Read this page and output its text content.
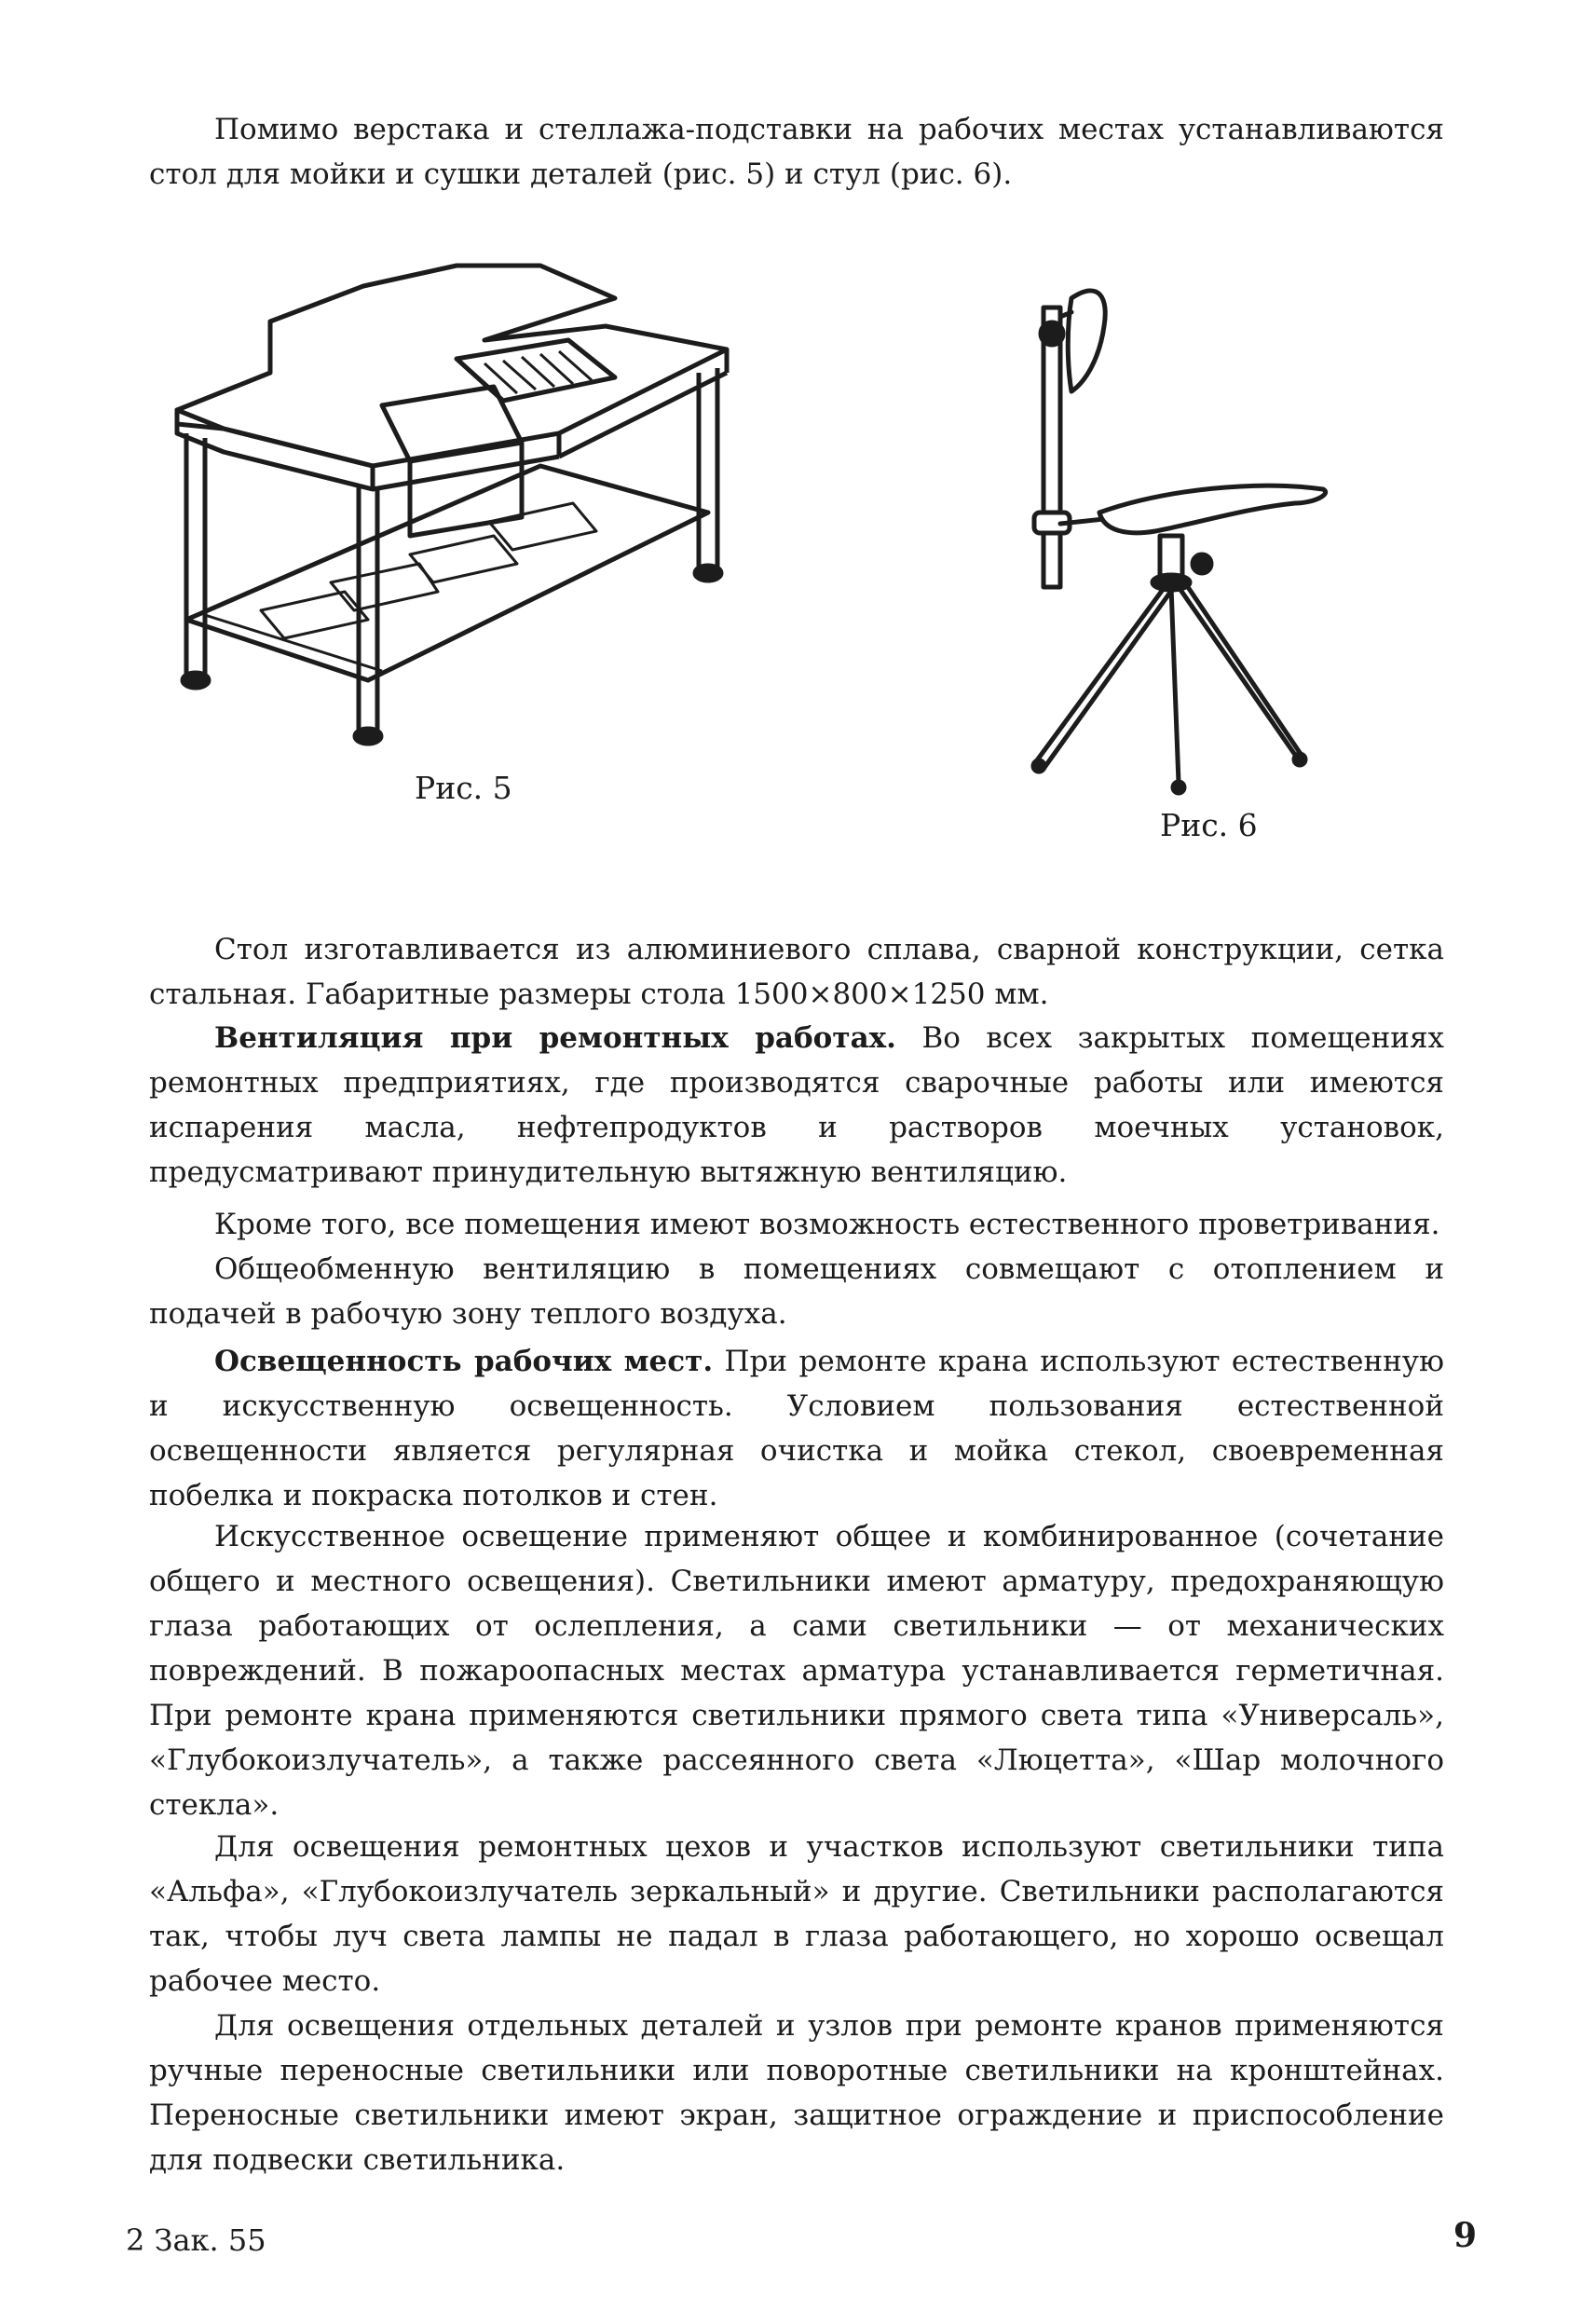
Помимо верстака и стеллажа-подставки на рабочих местах устанавливаются стол для мойки и сушки деталей (рис. 5) и стул (рис. 6).

Рис. 5
Рис. 6

Стол изготавливается из алюминиевого сплава, сварной конструкции, сетка стальная. Габаритные размеры стола 1500×800×1250 мм.

Вентиляция при ремонтных работах. Во всех закрытых помещениях ремонтных предприятиях, где производятся сварочные работы или имеются испарения масла, нефтепродуктов и растворов моечных установок, предусматривают принудительную вытяжную вентиляцию.

Кроме того, все помещения имеют возможность естественного проветривания.

Общеобменную вентиляцию в помещениях совмещают с отоплением и подачей в рабочую зону теплого воздуха.

Освещенность рабочих мест. При ремонте крана используют естественную и искусственную освещенность. Условием пользования естественной освещенности является регулярная очистка и мойка стекол, своевременная побелка и покраска потолков и стен.

Искусственное освещение применяют общее и комбинированное (сочетание общего и местного освещения). Светильники имеют арматуру, предохраняющую глаза работающих от ослепления, а сами светильники — от механических повреждений. В пожароопасных местах арматура устанавливается герметичная. При ремонте крана применяются светильники прямого света типа «Универсаль», «Глубокоизлучатель», а также рассеянного света «Люцетта», «Шар молочного стекла».

Для освещения ремонтных цехов и участков используют светильники типа «Альфа», «Глубокоизлучатель зеркальный» и другие. Светильники располагаются так, чтобы луч света лампы не падал в глаза работающего, но хорошо освещал рабочее место.

Для освещения отдельных деталей и узлов при ремонте кранов применяются ручные переносные светильники или поворотные светильники на кронштейнах. Переносные светильники имеют экран, защитное ограждение и приспособление для подвески светильника.

2 Зак. 55	9
